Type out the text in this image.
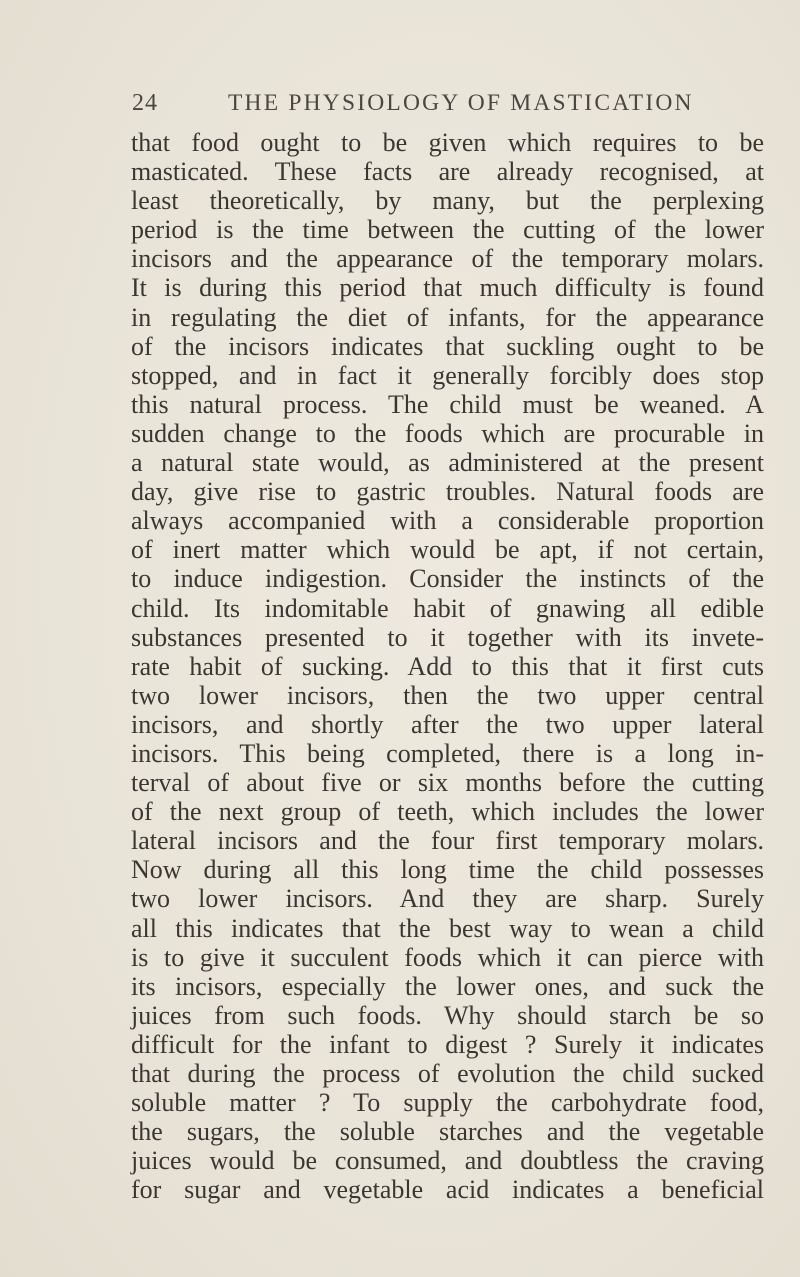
24	THE PHYSIOLOGY OF MASTICATION
that food ought to be given which requires to be
masticated. These facts are already recognised, at
least theoretically, by many, but the perplexing
period is the time between the cutting of the lower
incisors and the appearance of the temporary molars.
It is during this period that much difficulty is found
in regulating the diet of infants, for the appearance
of the incisors indicates that suckling ought to be
stopped, and in fact it generally forcibly does stop
this natural process. The child must be weaned. A
sudden change to the foods which are procurable in
a natural state would, as administered at the present
day, give rise to gastric troubles. Natural foods are
always accompanied with a considerable proportion
of inert matter which would be apt, if not certain,
to induce indigestion. Consider the instincts of the
child. Its indomitable habit of gnawing all edible
substances presented to it together with its invete-
rate habit of sucking. Add to this that it first cuts
two lower incisors, then the two upper central
incisors, and shortly after the two upper lateral
incisors. This being completed, there is a long in-
terval of about five or six months before the cutting
of the next group of teeth, which includes the lower
lateral incisors and the four first temporary molars.
Now during all this long time the child possesses
two lower incisors. And they are sharp. Surely
all this indicates that the best way to wean a child
is to give it succulent foods which it can pierce with
its incisors, especially the lower ones, and suck the
juices from such foods. Why should starch be so
difficult for the infant to digest ? Surely it indicates
that during the process of evolution the child sucked
soluble matter ? To supply the carbohydrate food,
the sugars, the soluble starches and the vegetable
juices would be consumed, and doubtless the craving
for sugar and vegetable acid indicates a beneficial
